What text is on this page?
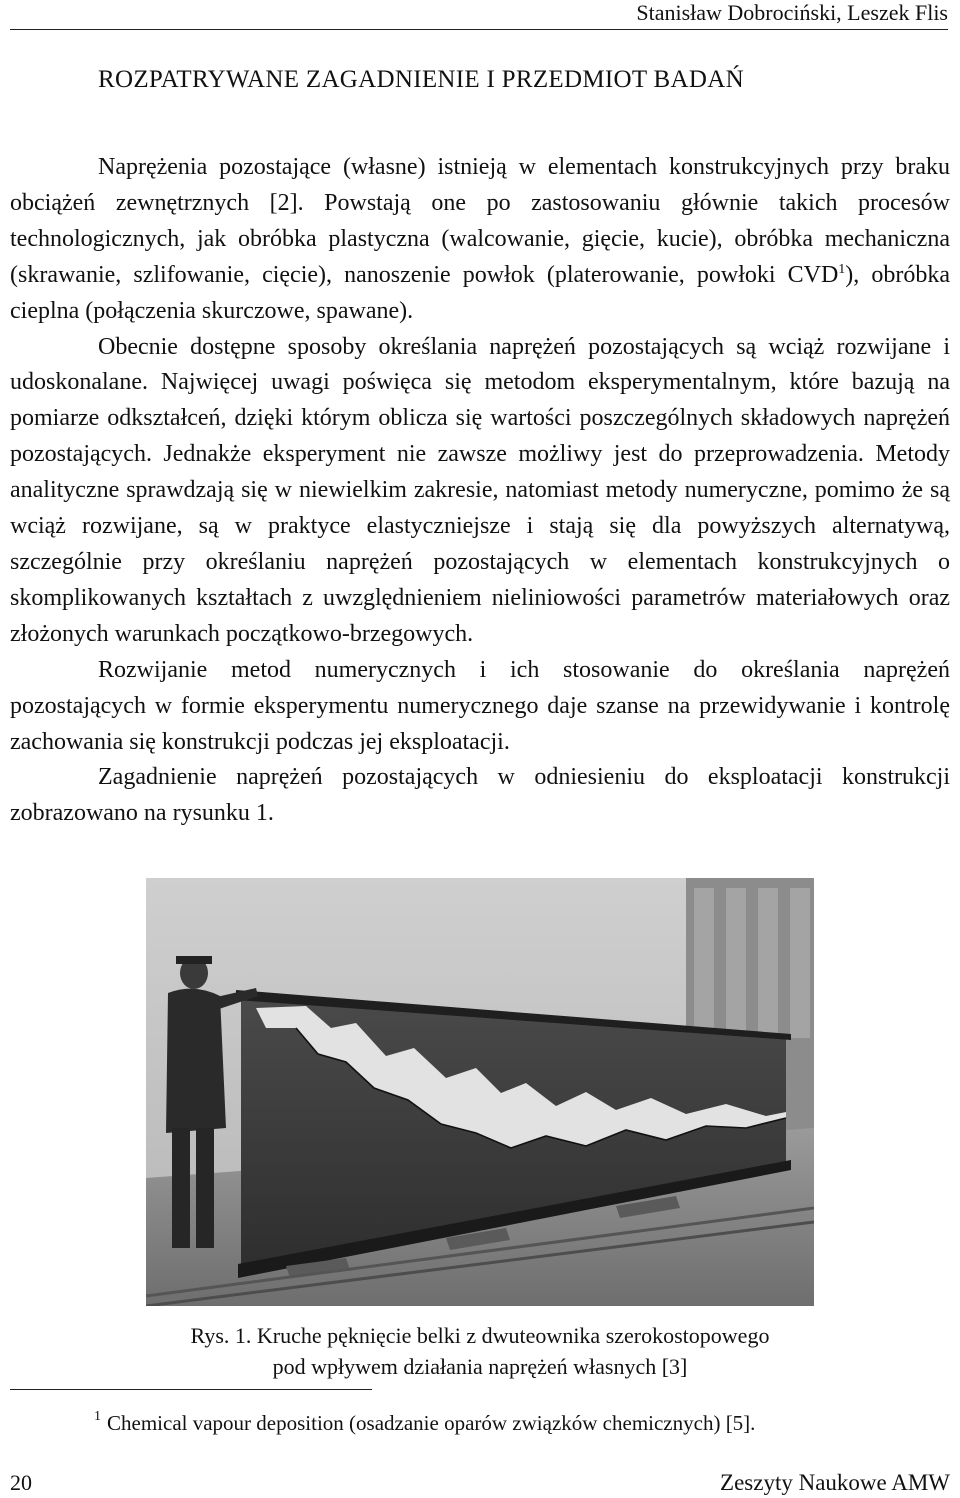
Stanisław Dobrociński, Leszek Flis
ROZPATRYWANE ZAGADNIENIE I PRZEDMIOT BADAŃ

Naprężenia pozostające (własne) istnieją w elementach konstrukcyjnych przy braku obciążeń zewnętrznych [2]. Powstają one po zastosowaniu głównie takich procesów technologicznych, jak obróbka plastyczna (walcowanie, gięcie, kucie), obróbka mechaniczna (skrawanie, szlifowanie, cięcie), nanoszenie powłok (platerowanie, powłoki CVD$^1$), obróbka cieplna (połączenia skurczowe, spawane).

Obecnie dostępne sposoby określania naprężeń pozostających są wciąż rozwijane i udoskonalane. Najwięcej uwagi poświęca się metodom eksperymentalnym, które bazują na pomiarze odkształceń, dzięki którym oblicza się wartości poszczególnych składowych naprężeń pozostających. Jednakże eksperyment nie zawsze możliwy jest do przeprowadzenia. Metody analityczne sprawdzają się w niewielkim zakresie, natomiast metody numeryczne, pomimo że są wciąż rozwijane, są w praktyce elastyczniejsze i stają się dla powyższych alternatywą, szczególnie przy określaniu naprężeń pozostających w elementach konstrukcyjnych o skomplikowanych kształtach z uwzględnieniem nieliniowości parametrów materiałowych oraz złożonych warunkach początkowo-brzegowych.

Rozwijanie metod numerycznych i ich stosowanie do określania naprężeń pozostających w formie eksperymentu numerycznego daje szanse na przewidywanie i kontrolę zachowania się konstrukcji podczas jej eksploatacji.

Zagadnienie naprężeń pozostających w odniesieniu do eksploatacji konstrukcji zobrazowano na rysunku 1.

Rys. 1. Kruche pęknięcie belki z dwuteownika szerokostopowego
pod wpływem działania naprężeń własnych [3]
$^1$ Chemical vapour deposition (osadzanie oparów związków chemicznych) [5].
20	Zeszyty Naukowe AMW
